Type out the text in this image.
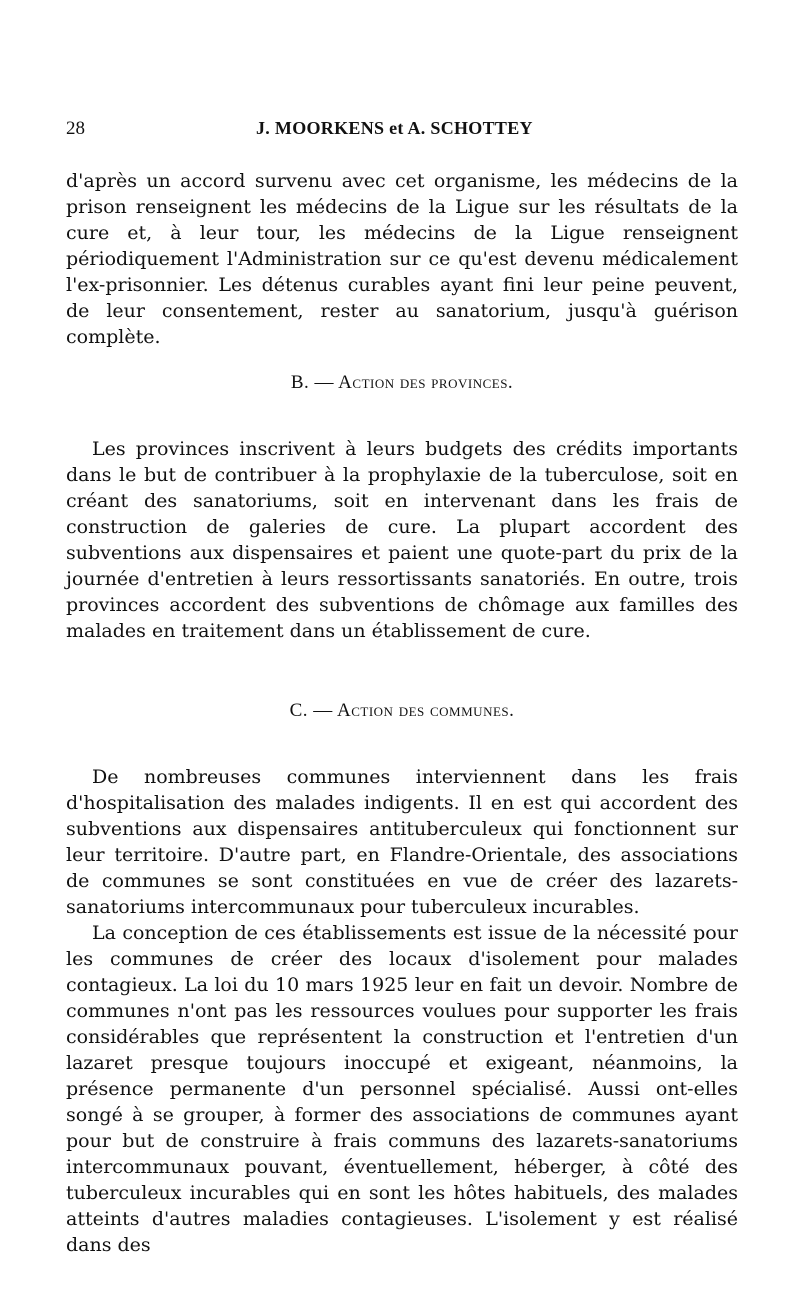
28	J. MOORKENS et A. SCHOTTEY

d'après un accord survenu avec cet organisme, les médecins de la prison renseignent les médecins de la Ligue sur les résultats de la cure et, à leur tour, les médecins de la Ligue renseignent périodiquement l'Administration sur ce qu'est devenu médicalement l'ex-prisonnier. Les détenus curables ayant fini leur peine peuvent, de leur consentement, rester au sanatorium, jusqu'à guérison complète.

B. — Action des provinces.

Les provinces inscrivent à leurs budgets des crédits importants dans le but de contribuer à la prophylaxie de la tuberculose, soit en créant des sanatoriums, soit en intervenant dans les frais de construction de galeries de cure. La plupart accordent des subventions aux dispensaires et paient une quote-part du prix de la journée d'entretien à leurs ressortissants sanatoriés. En outre, trois provinces accordent des subventions de chômage aux familles des malades en traitement dans un établissement de cure.

C. — Action des communes.

De nombreuses communes interviennent dans les frais d'hospitalisation des malades indigents. Il en est qui accordent des subventions aux dispensaires antituberculeux qui fonctionnent sur leur territoire. D'autre part, en Flandre-Orientale, des associations de communes se sont constituées en vue de créer des lazarets-sanatoriums intercommunaux pour tuberculeux incurables.

La conception de ces établissements est issue de la nécessité pour les communes de créer des locaux d'isolement pour malades contagieux. La loi du 10 mars 1925 leur en fait un devoir. Nombre de communes n'ont pas les ressources voulues pour supporter les frais considérables que représentent la construction et l'entretien d'un lazaret presque toujours inoccupé et exigeant, néanmoins, la présence permanente d'un personnel spécialisé. Aussi ont-elles songé à se grouper, à former des associations de communes ayant pour but de construire à frais communs des lazarets-sanatoriums intercommunaux pouvant, éventuellement, héberger, à côté des tuberculeux incurables qui en sont les hôtes habituels, des malades atteints d'autres maladies contagieuses. L'isolement y est réalisé dans des
